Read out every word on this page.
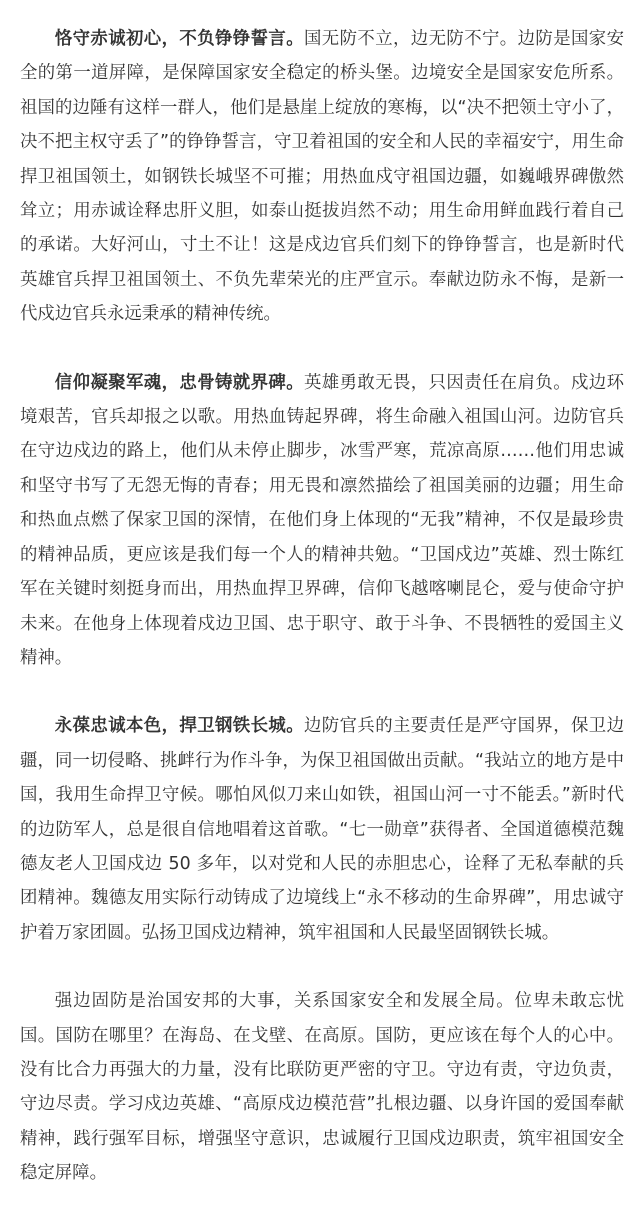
恪守赤诚初心，不负铮铮誓言。国无防不立，边无防不宁。边防是国家安全的第一道屏障，是保障国家安全稳定的桥头堡。边境安全是国家安危所系。祖国的边陲有这样一群人，他们是悬崖上绽放的寒梅，以“决不把领土守小了，决不把主权守丢了”的铮铮誓言，守卫着祖国的安全和人民的幸福安宁，用生命捍卫祖国领土，如钢铁长城坚不可摧；用热血戍守祖国边疆，如巍峨界碑傲然耸立；用赤诚诠释忠肝义胆，如泰山挺拔岿然不动；用生命用鲜血践行着自己的承诺。大好河山，寸土不让！这是戍边官兵们刻下的铮铮誓言，也是新时代英雄官兵捍卫祖国领土、不负先辈荣光的庄严宣示。奉献边防永不悔，是新一代戍边官兵永远秉承的精神传统。

信仰凝聚军魂，忠骨铸就界碑。英雄勇敢无畏，只因责任在肩负。戍边环境艰苦，官兵却报之以歌。用热血铸起界碑，将生命融入祖国山河。边防官兵在守边戍边的路上，他们从未停止脚步，冰雪严寒，荒凉高原……他们用忠诚和坚守书写了无怨无悔的青春；用无畏和凛然描绘了祖国美丽的边疆；用生命和热血点燃了保家卫国的深情，在他们身上体现的“无我”精神，不仅是最珍贵的精神品质，更应该是我们每一个人的精神共勉。“卫国戍边”英雄、烈士陈红军在关键时刻挺身而出，用热血捍卫界碑，信仰飞越喀喇昆仑，爱与使命守护未来。在他身上体现着戍边卫国、忠于职守、敢于斗争、不畏牺牲的爱国主义精神。

永葆忠诚本色，捍卫钢铁长城。边防官兵的主要责任是严守国界，保卫边疆，同一切侵略、挑衅行为作斗争，为保卫祖国做出贡献。“我站立的地方是中国，我用生命捍卫守候。哪怕风似刀来山如铁，祖国山河一寸不能丢。”新时代的边防军人，总是很自信地唱着这首歌。“七一勋章”获得者、全国道德模范魏德友老人卫国戍边 50 多年，以对党和人民的赤胆忠心，诠释了无私奉献的兵团精神。魏德友用实际行动铸成了边境线上“永不移动的生命界碑”，用忠诚守护着万家团圆。弘扬卫国戍边精神，筑牢祖国和人民最坚固钢铁长城。

强边固防是治国安邦的大事，关系国家安全和发展全局。位卑未敢忘忧国。国防在哪里？在海岛、在戈壁、在高原。国防，更应该在每个人的心中。没有比合力再强大的力量，没有比联防更严密的守卫。守边有责，守边负责，守边尽责。学习戍边英雄、“高原戍边模范营”扎根边疆、以身许国的爱国奉献精神，践行强军目标，增强坚守意识，忠诚履行卫国戍边职责，筑牢祖国安全稳定屏障。
